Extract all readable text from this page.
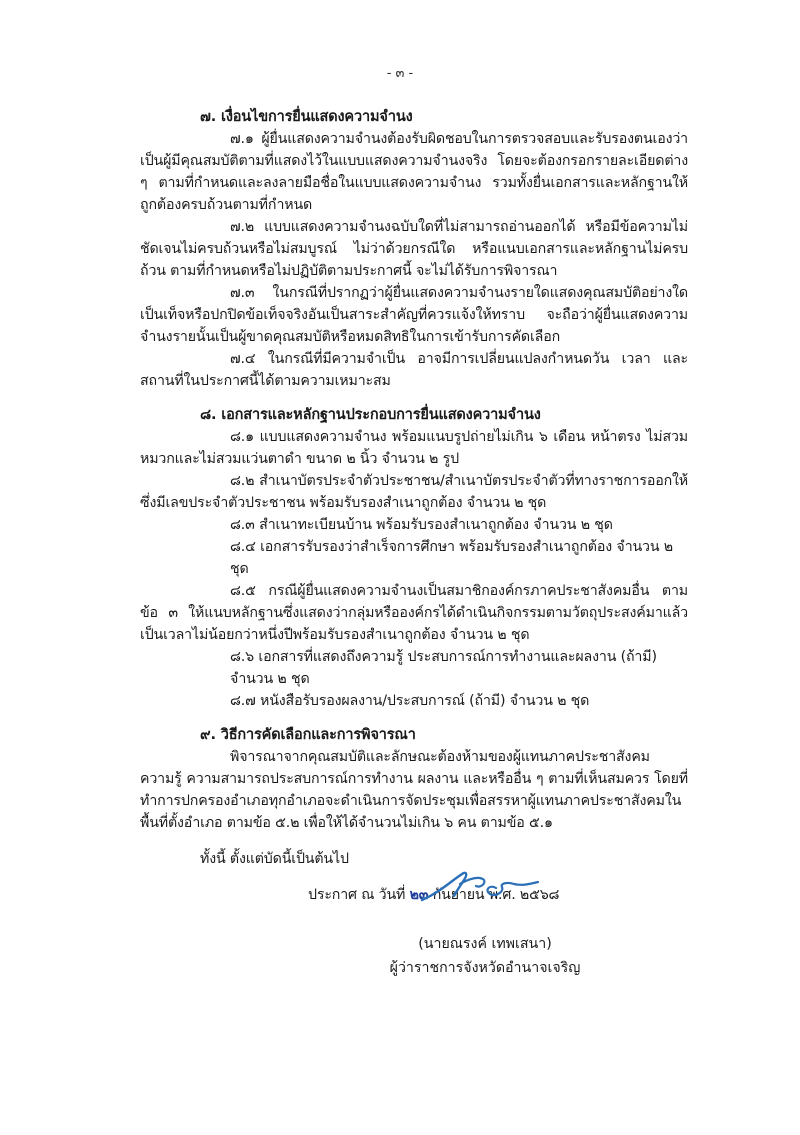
- ๓ -

๗. เงื่อนไขการยื่นแสดงความจำนง

๗.๑ ผู้ยื่นแสดงความจำนงต้องรับผิดชอบในการตรวจสอบและรับรองตนเองว่าเป็นผู้มีคุณสมบัติตามที่แสดงไว้ในแบบแสดงความจำนงจริง โดยจะต้องกรอกรายละเอียดต่าง ๆ ตามที่กำหนดและลงลายมือชื่อในแบบแสดงความจำนง รวมทั้งยื่นเอกสารและหลักฐานให้ถูกต้องครบถ้วนตามที่กำหนด

๗.๒ แบบแสดงความจำนงฉบับใดที่ไม่สามารถอ่านออกได้ หรือมีข้อความไม่ชัดเจนไม่ครบถ้วนหรือไม่สมบูรณ์ ไม่ว่าด้วยกรณีใด หรือแนบเอกสารและหลักฐานไม่ครบถ้วน ตามที่กำหนดหรือไม่ปฏิบัติตามประกาศนี้ จะไม่ได้รับการพิจารณา

๗.๓ ในกรณีที่ปรากฏว่าผู้ยื่นแสดงความจำนงรายใดแสดงคุณสมบัติอย่างใดเป็นเท็จหรือปกปิดข้อเท็จจริงอันเป็นสาระสำคัญที่ควรแจ้งให้ทราบ จะถือว่าผู้ยื่นแสดงความจำนงรายนั้นเป็นผู้ขาดคุณสมบัติหรือหมดสิทธิในการเข้ารับการคัดเลือก

๗.๔ ในกรณีที่มีความจำเป็น อาจมีการเปลี่ยนแปลงกำหนดวัน เวลา และสถานที่ในประกาศนี้ได้ตามความเหมาะสม

๘. เอกสารและหลักฐานประกอบการยื่นแสดงความจำนง

๘.๑ แบบแสดงความจำนง พร้อมแนบรูปถ่ายไม่เกิน ๖ เดือน หน้าตรง ไม่สวมหมวกและไม่สวมแว่นตาดำ ขนาด ๒ นิ้ว จำนวน ๒ รูป

๘.๒ สำเนาบัตรประจำตัวประชาชน/สำเนาบัตรประจำตัวที่ทางราชการออกให้ ซึ่งมีเลขประจำตัวประชาชน พร้อมรับรองสำเนาถูกต้อง จำนวน ๒ ชุด

๘.๓ สำเนาทะเบียนบ้าน พร้อมรับรองสำเนาถูกต้อง จำนวน ๒ ชุด

๘.๔ เอกสารรับรองว่าสำเร็จการศึกษา พร้อมรับรองสำเนาถูกต้อง จำนวน ๒ ชุด

๘.๕ กรณีผู้ยื่นแสดงความจำนงเป็นสมาชิกองค์กรภาคประชาสังคมอื่น ตามข้อ ๓ ให้แนบหลักฐานซึ่งแสดงว่ากลุ่มหรือองค์กรได้ดำเนินกิจกรรมตามวัตถุประสงค์มาแล้วเป็นเวลาไม่น้อยกว่าหนึ่งปีพร้อมรับรองสำเนาถูกต้อง จำนวน ๒ ชุด

๘.๖ เอกสารที่แสดงถึงความรู้ ประสบการณ์การทำงานและผลงาน (ถ้ามี) จำนวน ๒ ชุด

๘.๗ หนังสือรับรองผลงาน/ประสบการณ์ (ถ้ามี) จำนวน ๒ ชุด

๙. วิธีการคัดเลือกและการพิจารณา

พิจารณาจากคุณสมบัติและลักษณะต้องห้ามของผู้แทนภาคประชาสังคม ความรู้ ความสามารถประสบการณ์การทำงาน ผลงาน และหรืออื่น ๆ ตามที่เห็นสมควร โดยที่ทำการปกครองอำเภอทุกอำเภอจะดำเนินการจัดประชุมเพื่อสรรหาผู้แทนภาคประชาสังคมในพื้นที่ตั้งอำเภอ ตามข้อ ๕.๒ เพื่อให้ได้จำนวนไม่เกิน ๖ คน ตามข้อ ๕.๑

ทั้งนี้ ตั้งแต่บัดนี้เป็นต้นไป

ประกาศ ณ วันที่ ๒๓ กันยายน พ.ศ. ๒๕๖๘

(นายณรงค์ เทพเสนา)
ผู้ว่าราชการจังหวัดอำนาจเจริญ
